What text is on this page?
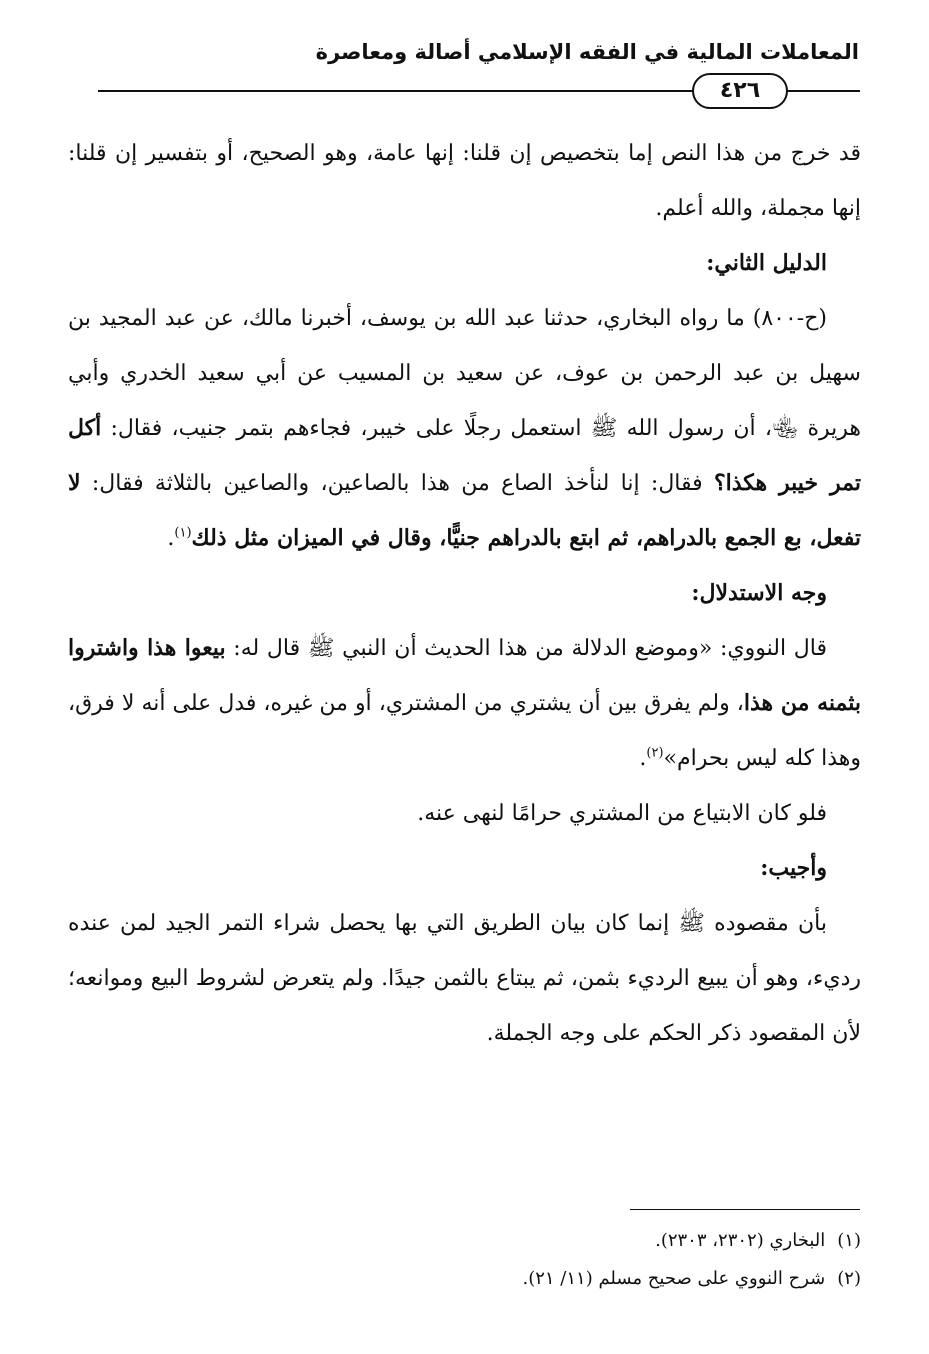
المعاملات المالية في الفقه الإسلامي أصالة ومعاصرة
٤٢٦

قد خرج من هذا النص إما بتخصيص إن قلنا: إنها عامة، وهو الصحيح، أو بتفسير إن قلنا: إنها مجملة، والله أعلم.

الدليل الثاني:

(ح-٨٠٠) ما رواه البخاري، حدثنا عبد الله بن يوسف، أخبرنا مالك، عن عبد المجيد بن سهيل بن عبد الرحمن بن عوف، عن سعيد بن المسيب عن أبي سعيد الخدري وأبي هريرة ﵄، أن رسول الله ﷺ استعمل رجلًا على خيبر، فجاءهم بتمر جنيب، فقال: أكل تمر خيبر هكذا؟ فقال: إنا لنأخذ الصاع من هذا بالصاعين، والصاعين بالثلاثة فقال: لا تفعل، بع الجمع بالدراهم، ثم ابتع بالدراهم جنيًّا، وقال في الميزان مثل ذلك$^{(١)}$.

وجه الاستدلال:

قال النووي: «وموضع الدلالة من هذا الحديث أن النبي ﷺ قال له: بيعوا هذا واشتروا بثمنه من هذا، ولم يفرق بين أن يشتري من المشتري، أو من غيره، فدل على أنه لا فرق، وهذا كله ليس بحرام»$^{(٢)}$.

فلو كان الابتياع من المشتري حرامًا لنهى عنه.

وأجيب:

بأن مقصوده ﷺ إنما كان بيان الطريق التي بها يحصل شراء التمر الجيد لمن عنده رديء، وهو أن يبيع الرديء بثمن، ثم يبتاع بالثمن جيدًا. ولم يتعرض لشروط البيع وموانعه؛ لأن المقصود ذكر الحكم على وجه الجملة.

(١)البخاري (٢٣٠٢، ٢٣٠٣).

(٢)شرح النووي على صحيح مسلم (١١/ ٢١).
